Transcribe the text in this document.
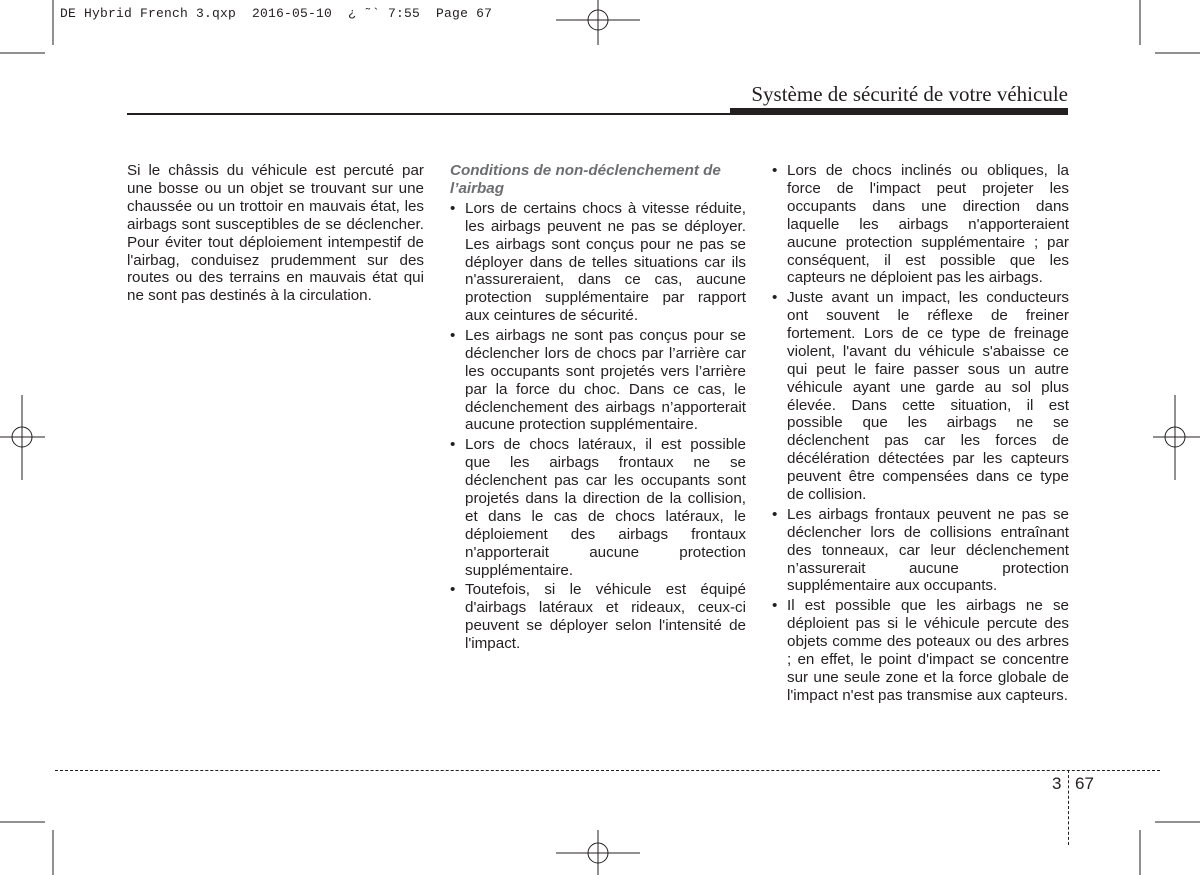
DE Hybrid French 3.qxp  2016-05-10  ¿ ˜` 7:55  Page 67
Système de sécurité de votre véhicule

Si le châssis du véhicule est percuté par une bosse ou un objet se trouvant sur une chaussée ou un trottoir en mauvais état, les airbags sont susceptibles de se déclencher. Pour éviter tout déploiement intempestif de l'airbag, conduisez prudemment sur des routes ou des terrains en mauvais état qui ne sont pas destinés à la circulation.

Conditions de non-déclenchement de l’airbag
• Lors de certains chocs à vitesse réduite, les airbags peuvent ne pas se déployer. Les airbags sont conçus pour ne pas se déployer dans de telles situations car ils n'assureraient, dans ce cas, aucune protection supplémentaire par rapport aux ceintures de sécurité.
• Les airbags ne sont pas conçus pour se déclencher lors de chocs par l’arrière car les occupants sont projetés vers l’arrière par la force du choc. Dans ce cas, le déclenchement des airbags n’apporterait aucune protection supplémentaire.
• Lors de chocs latéraux, il est possible que les airbags frontaux ne se déclenchent pas car les occupants sont projetés dans la direction de la collision, et dans le cas de chocs latéraux, le déploiement des airbags frontaux n'apporterait aucune protection supplémentaire.
• Toutefois, si le véhicule est équipé d'airbags latéraux et rideaux, ceux-ci peuvent se déployer selon l'intensité de l'impact.
• Lors de chocs inclinés ou obliques, la force de l'impact peut projeter les occupants dans une direction dans laquelle les airbags n'apporteraient aucune protection supplémentaire ; par conséquent, il est possible que les capteurs ne déploient pas les airbags.
• Juste avant un impact, les conducteurs ont souvent le réflexe de freiner fortement. Lors de ce type de freinage violent, l'avant du véhicule s'abaisse ce qui peut le faire passer sous un autre véhicule ayant une garde au sol plus élevée. Dans cette situation, il est possible que les airbags ne se déclenchent pas car les forces de décélération détectées par les capteurs peuvent être compensées dans ce type de collision.
• Les airbags frontaux peuvent ne pas se déclencher lors de collisions entraînant des tonneaux, car leur déclenchement n’assurerait aucune protection supplémentaire aux occupants.
• Il est possible que les airbags ne se déploient pas si le véhicule percute des objets comme des poteaux ou des arbres ; en effet, le point d'impact se concentre sur une seule zone et la force globale de l'impact n'est pas transmise aux capteurs.
3 67
